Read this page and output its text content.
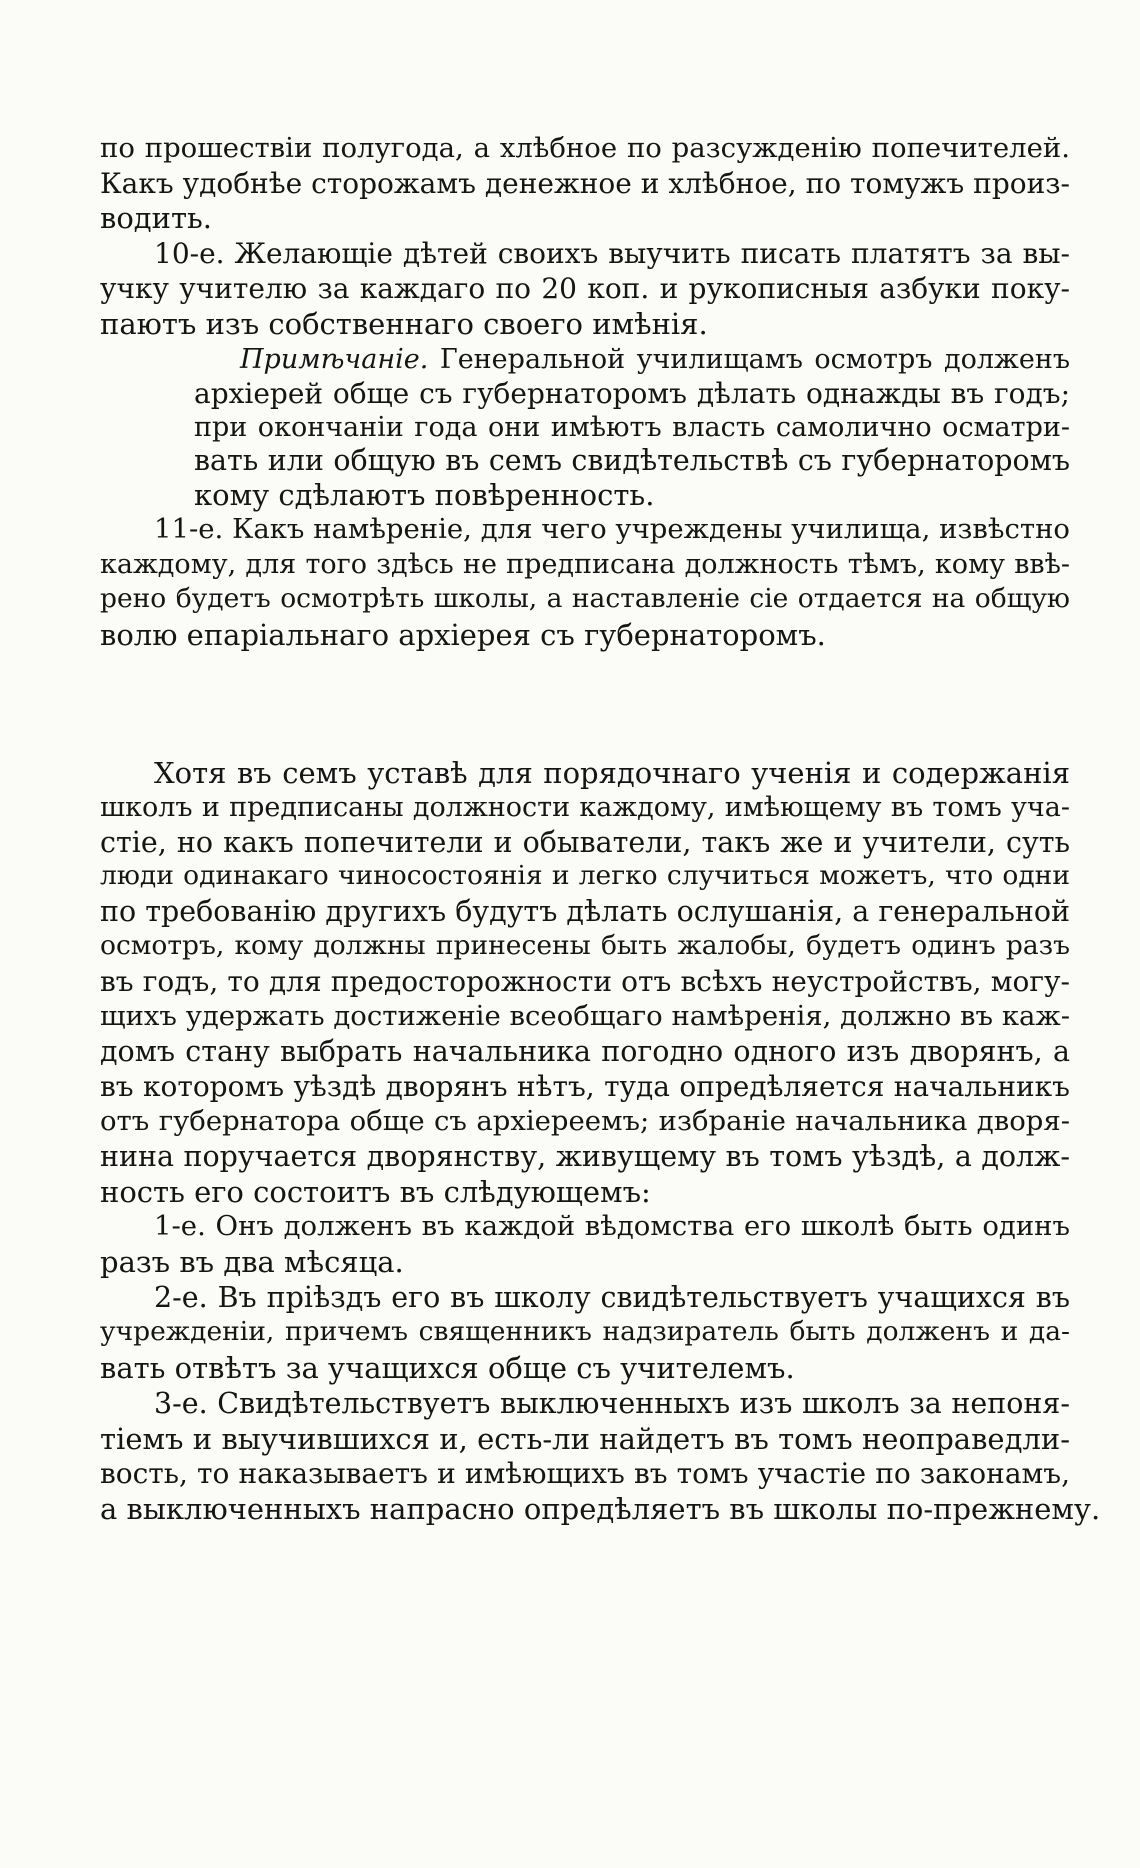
по прошествіи полугода, а хлѣбное по разсужденію попечителей.
Какъ удобнѣе сторожамъ денежное и хлѣбное, по томужъ произ-
водить.
10-е. Желающіе дѣтей своихъ выучить писать платятъ за вы-
учку учителю за каждаго по 20 коп. и рукописныя азбуки поку-
паютъ изъ собственнаго своего имѣнія.
Примѣчаніе. Генеральной училищамъ осмотръ долженъ
архіерей обще съ губернаторомъ дѣлать однажды въ годъ;
при окончаніи года они имѣютъ власть самолично осматри-
вать или общую въ семъ свидѣтельствѣ съ губернаторомъ
кому сдѣлаютъ повѣренность.
11-е. Какъ намѣреніе, для чего учреждены училища, извѣстно
каждому, для того здѣсь не предписана должность тѣмъ, кому ввѣ-
рено будетъ осмотрѣть школы, а наставленіе сіе отдается на общую
волю епаріальнаго архіерея съ губернаторомъ.
Хотя въ семъ уставѣ для порядочнаго ученія и содержанія
школъ и предписаны должности каждому, имѣющему въ томъ уча-
стіе, но какъ попечители и обыватели, такъ же и учители, суть
люди одинакаго чиносостоянія и легко случиться можетъ, что одни
по требованію другихъ будутъ дѣлать ослушанія, а генеральной
осмотръ, кому должны принесены быть жалобы, будетъ одинъ разъ
въ годъ, то для предосторожности отъ всѣхъ неустройствъ, могу-
щихъ удержать достиженіе всеобщаго намѣренія, должно въ каж-
домъ стану выбрать начальника погодно одного изъ дворянъ, а
въ которомъ уѣздѣ дворянъ нѣтъ, туда опредѣляется начальникъ
отъ губернатора обще съ архіереемъ; избраніе начальника дворя-
нина поручается дворянству, живущему въ томъ уѣздѣ, а долж-
ность его состоитъ въ слѣдующемъ:
1-е. Онъ долженъ въ каждой вѣдомства его школѣ быть одинъ
разъ въ два мѣсяца.
2-е. Въ пріѣздъ его въ школу свидѣтельствуетъ учащихся въ
учрежденіи, причемъ священникъ надзиратель быть долженъ и да-
вать отвѣтъ за учащихся обще съ учителемъ.
3-е. Свидѣтельствуетъ выключенныхъ изъ школъ за непоня-
тіемъ и выучившихся и, есть-ли найдетъ въ томъ неоправедли-
вость, то наказываетъ и имѣющихъ въ томъ участіе по законамъ,
а выключенныхъ напрасно опредѣляетъ въ школы по-прежнему.
